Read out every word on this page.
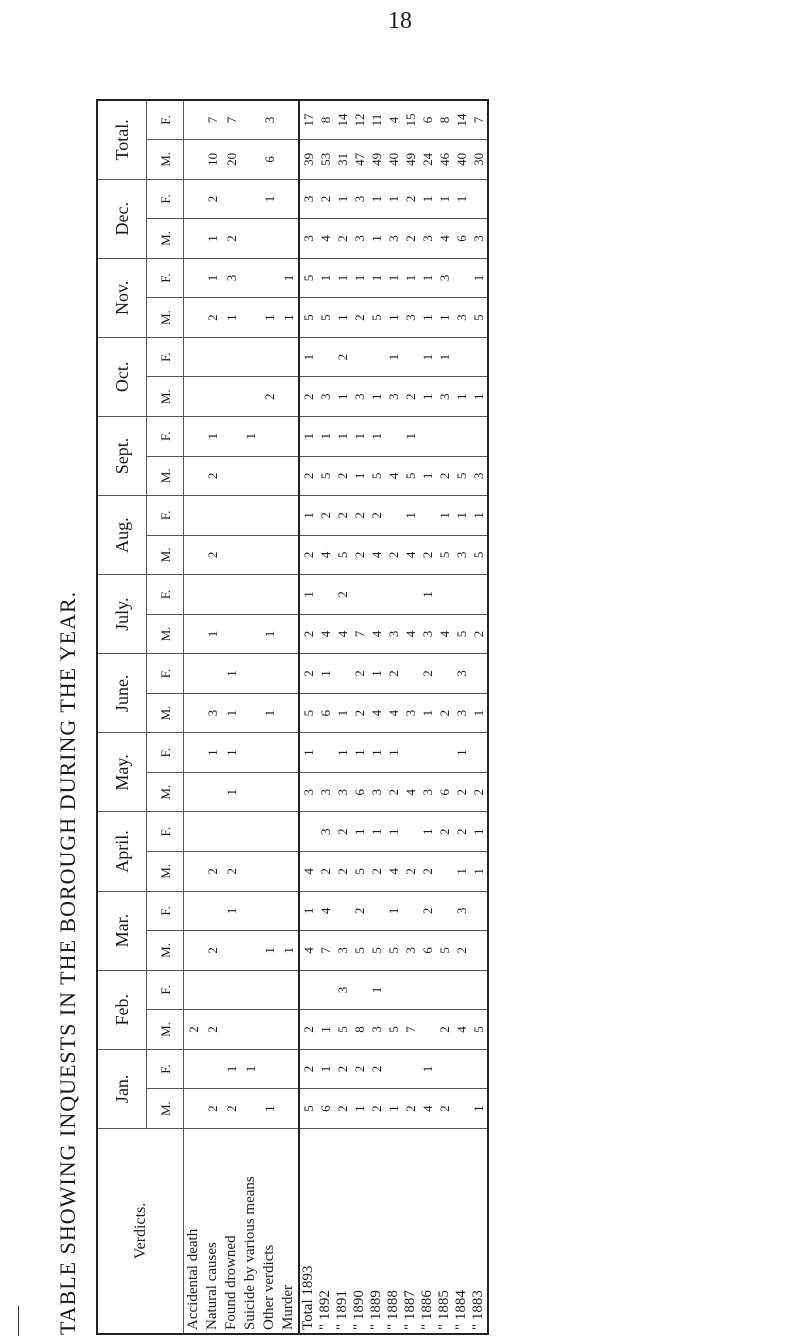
18
TABLE SHOWING INQUESTS IN THE BOROUGH DURING THE YEAR.	Verdicts.	Jan.		Feb.		Mar.		April.		May.		June.		July.		Aug.		Sept.		Oct.		Nov.		Dec.		Total.	
	M.	F.	M.	F.	M.	F.	M.	F.	M.	F.	M.	F.	M.	F.	M.	F.	M.	F.	M.	F.	M.	F.	M.	F.	M.	F.
Accidental death			2																							
Natural causes	2		2		2		2			1	3		1		2		2	1			2	1	1	2	10	7
Found drowned	2	1				1	2		1	1	1	1									1	3	2		20	7
Suicide by various means		1																1								
Other verdicts	1				1						1		1						2		1			1	6	3
Murder					1																1	1				
Total 1893	5	2	2		4	1	4		3	1	5	2	2	1	2	1	2	1	2	1	5	5	3	3	39	17
" 1892	6	1	1		7	4	2	3	3		6	1	4		4	2	5	1	3		5	1	4	2	53	8
" 1891	2	2	5	3	3		2	2	3	1	1		4	2	5	2	2	1	1	2	1	1	2	1	31	14
" 1890	1	2	8		5	2	5	1	6	1	2	2	7		2	2	1	1	3		2	1	3	3	47	12
" 1889	2	2	3	1	5		2	1	3	1	4	1	4		4	2	5	1	1		5	1	1	1	49	11
" 1888	1		5		5	1	4	1	2	1	4	2	3		2		4		3	1	1	1	3	1	40	4
" 1887	2		7		3		2		4		3		4		4	1	5	1	2		3	1	2	2	49	15
" 1886	4	1			6	2	2	1	3		1	2	3	1	2		1		1	1	1	1	3	1	24	6
" 1885	2		2		5			2	6		2		4		5	1	2		3	1	1	3	4	1	46	8
" 1884			4		2	3	1	2	2	1	3	3	5		3	1	5		1		3		6	1	40	14
" 1883	1		5				1	1	2		1		2		5	1	3		1		5	1	3		30	7
